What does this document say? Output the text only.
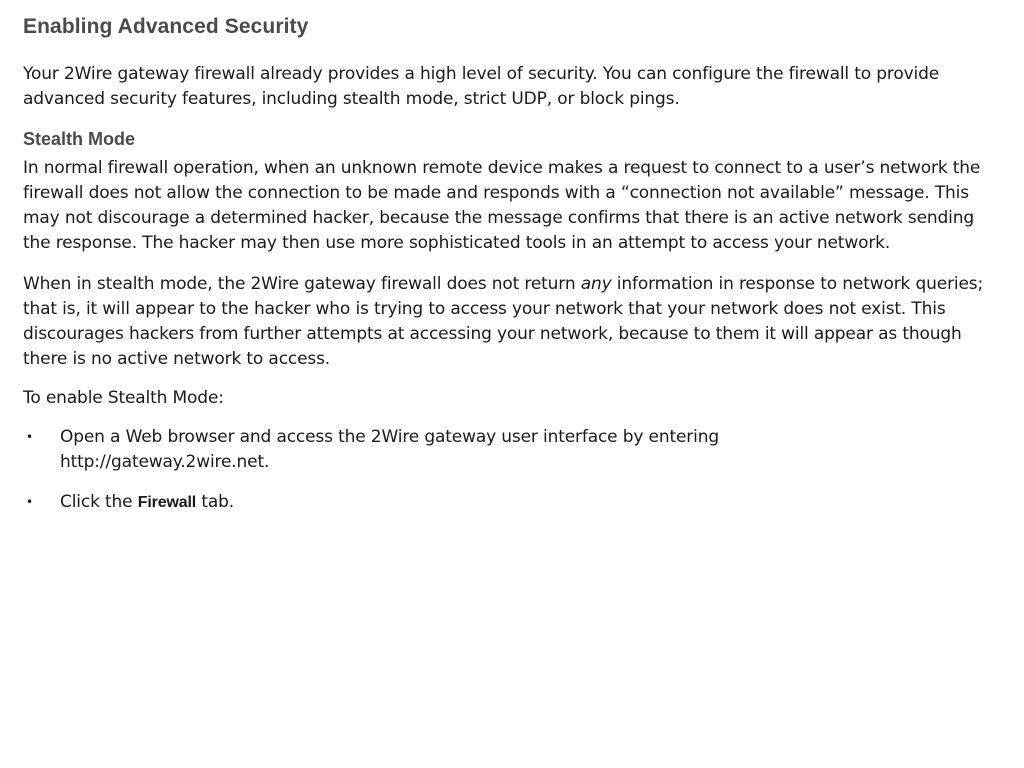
Enabling Advanced Security

Your 2Wire gateway firewall already provides a high level of security. You can configure the firewall to provide advanced security features, including stealth mode, strict UDP, or block pings.

Stealth Mode

In normal firewall operation, when an unknown remote device makes a request to connect to a user’s network the firewall does not allow the connection to be made and responds with a “connection not available” message. This may not discourage a determined hacker, because the message confirms that there is an active network sending the response. The hacker may then use more sophisticated tools in an attempt to access your network.

When in stealth mode, the 2Wire gateway firewall does not return any information in response to network queries; that is, it will appear to the hacker who is trying to access your network that your network does not exist. This discourages hackers from further attempts at accessing your network, because to them it will appear as though there is no active network to access.

To enable Stealth Mode:

• Open a Web browser and access the 2Wire gateway user interface by entering http://gateway.2wire.net.
• Click the Firewall tab.
